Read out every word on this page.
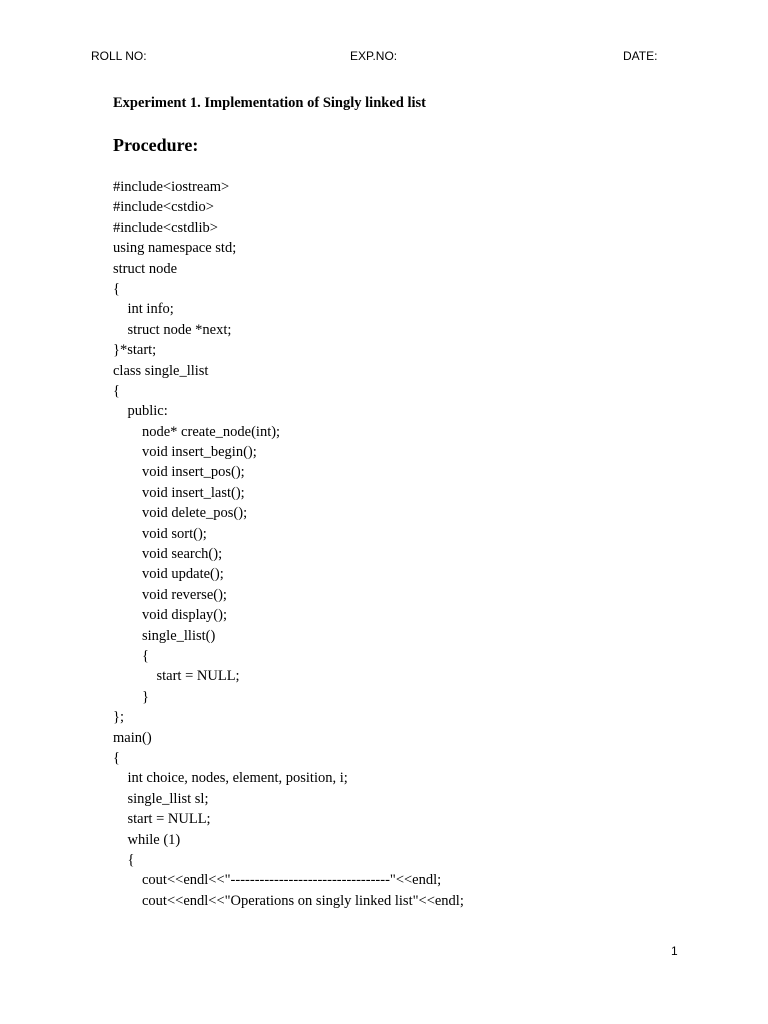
ROLL NO:	EXP.NO:	DATE:
Experiment 1. Implementation of Singly linked list
Procedure:
#include<iostream>
#include<cstdio>
#include<cstdlib>
using namespace std;
struct node
{
int info;
struct node *next;
}*start;
class single_llist
{
public:
node* create_node(int);
void insert_begin();
void insert_pos();
void insert_last();
void delete_pos();
void sort();
void search();
void update();
void reverse();
void display();
single_llist()
{
start = NULL;
}
};
main()
{
int choice, nodes, element, position, i;
single_llist sl;
start = NULL;
while (1)
{
cout<<endl<<"---------------------------------"<<endl;
cout<<endl<<"Operations on singly linked list"<<endl;
1
